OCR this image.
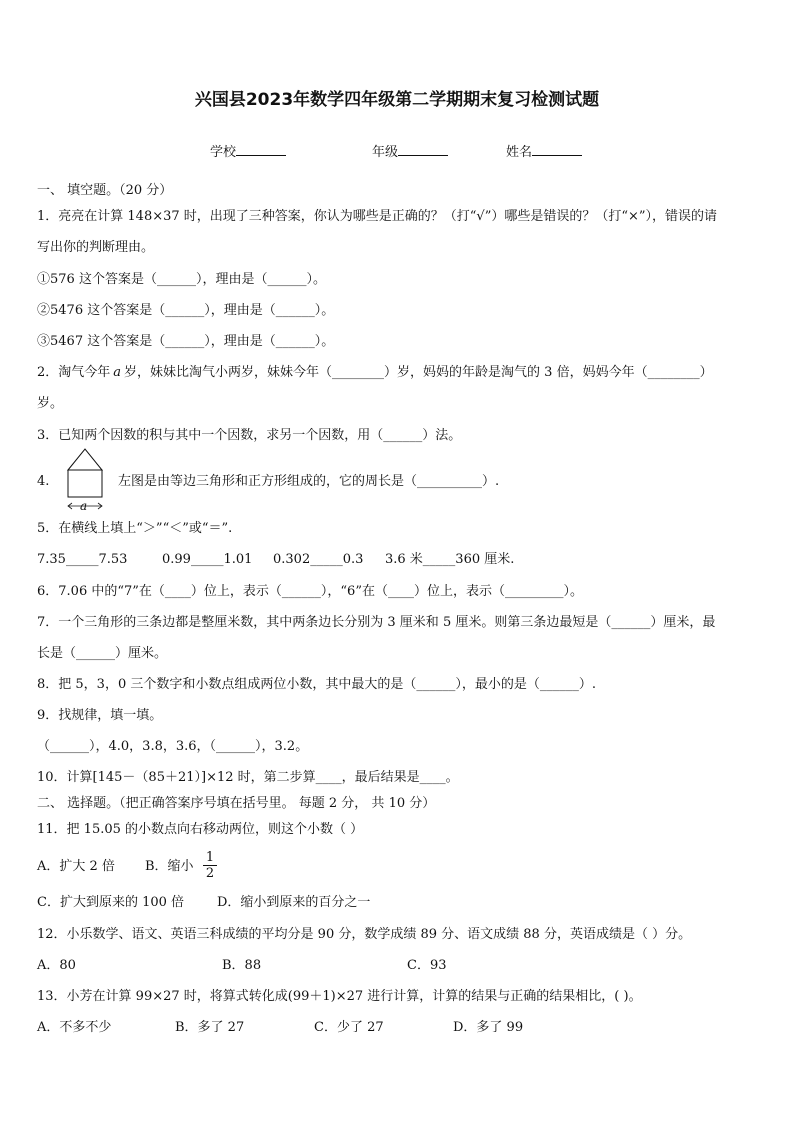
兴国县2023年数学四年级第二学期期末复习检测试题
学校	年级	姓名
一、 填空题。（20 分）
1．亮亮在计算 148×37 时，出现了三种答案，你认为哪些是正确的？（打“√”）哪些是错误的？（打“×”），错误的请
写出你的判断理由。
①576 这个答案是（______），理由是（______）。
②5476 这个答案是（______），理由是（______）。
③5467 这个答案是（______），理由是（______）。
2．淘气今年 a 岁，妹妹比淘气小两岁，妹妹今年（________）岁，妈妈的年龄是淘气的 3 倍，妈妈今年（________）
岁。
3．已知两个因数的积与其中一个因数，求另一个因数，用（______）法。
4.
a
左图是由等边三角形和正方形组成的，它的周长是（__________）.
5．在横线上填上“＞”“＜”或“＝”.
7.35_____7.53	0.99_____1.01 0.302_____0.3 3.6 米_____360 厘米.
6．7.06 中的“7”在（____）位上，表示（______），“6”在（____）位上，表示（_________）。
7．一个三角形的三条边都是整厘米数，其中两条边长分别为 3 厘米和 5 厘米。则第三条边最短是（______）厘米，最
长是（______）厘米。
8．把 5，3，0 三个数字和小数点组成两位小数，其中最大的是（______），最小的是（______）.
9．找规律，填一填。
（______），4.0，3.8，3.6，（______），3.2。
10．计算[145－（85＋21）]×12 时，第二步算____，最后结果是____。
二、 选择题。（把正确答案序号填在括号里。 每题 2 分， 共 10 分）
11．把 15.05 的小数点向右移动两位，则这个小数（ ）
A．扩大 2 倍 B．缩小 $\frac{1}{2}$
C．扩大到原来的 100 倍	D．缩小到原来的百分之一
12．小乐数学、语文、英语三科成绩的平均分是 90 分，数学成绩 89 分、语文成绩 88 分，英语成绩是（ ）分。
A．80	B．88	C．93
13．小芳在计算 99×27 时，将算式转化成(99＋1)×27 进行计算，计算的结果与正确的结果相比，( )。
A．不多不少	B．多了 27	C．少了 27	D．多了 99
